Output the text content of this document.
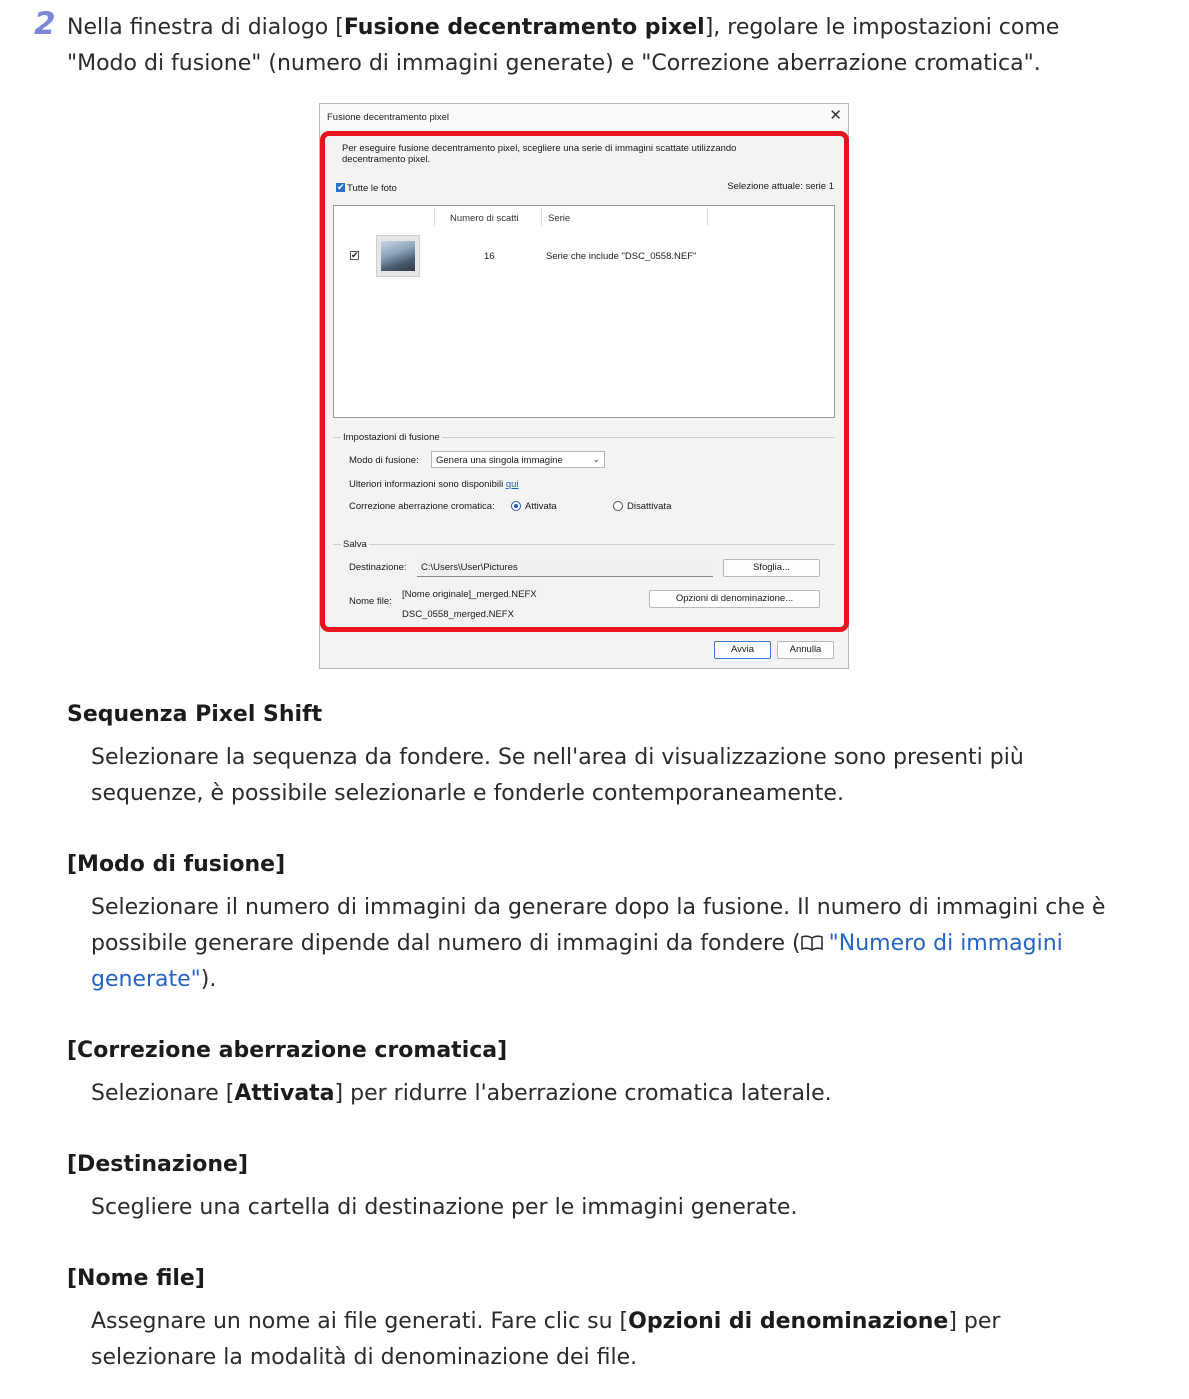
2 Nella finestra di dialogo [Fusione decentramento pixel], regolare le impostazioni come "Modo di fusione" (numero di immagini generate) e "Correzione aberrazione cromatica".
Fusione decentramento pixel	✕
Per eseguire fusione decentramento pixel, scegliere una serie di immagini scattate utilizzando decentramento pixel.
✔ Tutte le foto	Selezione attuale: serie 1
Numero di scatti	Serie
✔	16	Serie che include "DSC_0558.NEF"
Impostazioni di fusione
Modo di fusione: Genera una singola immagine	⌄
Ulteriori informazioni sono disponibili qui
Correzione aberrazione cromatica:	Attivata	Disattivata
Salva
Destinazione: C:\Users\User\Pictures	Sfoglia...
Nome file:
[Nome originale]_merged.NEFX
DSC_0558_merged.NEFX
Opzioni di denominazione...
Avvia	Annulla
Sequenza Pixel Shift
Selezionare la sequenza da fondere. Se nell'area di visualizzazione sono presenti più sequenze, è possibile selezionarle e fonderle contemporaneamente.
[Modo di fusione]
Selezionare il numero di immagini da generare dopo la fusione. Il numero di immagini che è possibile generare dipende dal numero di immagini da fondere ( "Numero di immagini generate").
[Correzione aberrazione cromatica]
Selezionare [Attivata] per ridurre l'aberrazione cromatica laterale.
[Destinazione]
Scegliere una cartella di destinazione per le immagini generate.
[Nome file]
Assegnare un nome ai file generati. Fare clic su [Opzioni di denominazione] per selezionare la modalità di denominazione dei file.
